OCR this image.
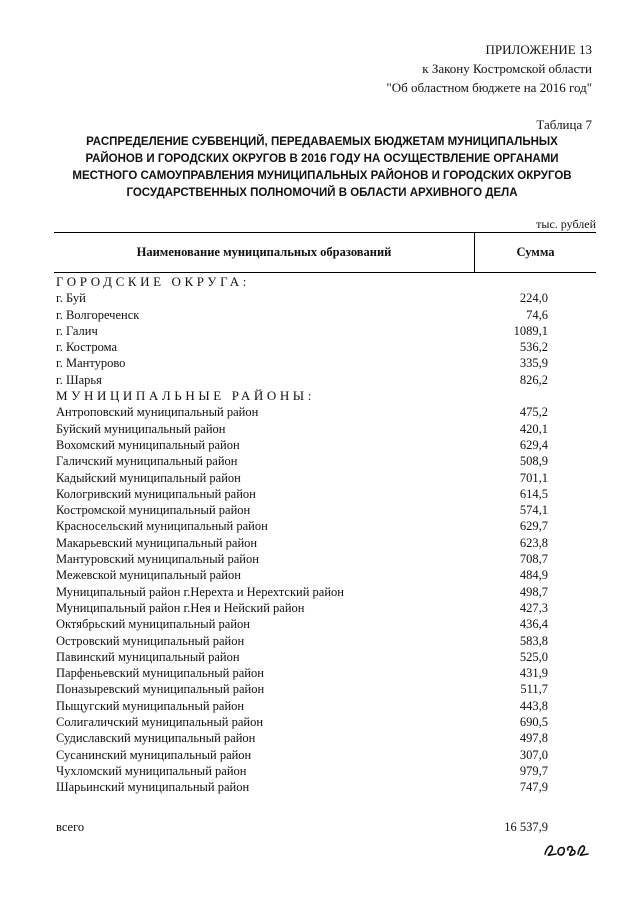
ПРИЛОЖЕНИЕ 13
к Закону Костромской области
"Об областном бюджете на 2016 год"
Таблица 7
РАСПРЕДЕЛЕНИЕ СУБВЕНЦИЙ, ПЕРЕДАВАЕМЫХ БЮДЖЕТАМ МУНИЦИПАЛЬНЫХ
РАЙОНОВ И ГОРОДСКИХ ОКРУГОВ В 2016 ГОДУ НА ОСУЩЕСТВЛЕНИЕ ОРГАНАМИ
МЕСТНОГО САМОУПРАВЛЕНИЯ МУНИЦИПАЛЬНЫХ РАЙОНОВ И ГОРОДСКИХ ОКРУГОВ
ГОСУДАРСТВЕННЫХ ПОЛНОМОЧИЙ В ОБЛАСТИ АРХИВНОГО ДЕЛА
тыс. рублей
Наименование муниципальных образований	Сумма
ГОРОДСКИЕ ОКРУГА:
г. Буй	224,0
г. Волгореченск	74,6
г. Галич	1089,1
г. Кострома	536,2
г. Мантурово	335,9
г. Шарья	826,2
МУНИЦИПАЛЬНЫЕ РАЙОНЫ:
Антроповский муниципальный район	475,2
Буйский муниципальный район	420,1
Вохомский муниципальный район	629,4
Галичский муниципальный район	508,9
Кадыйский муниципальный район	701,1
Кологривский муниципальный район	614,5
Костромской муниципальный район	574,1
Красносельский муниципальный район	629,7
Макарьевский муниципальный район	623,8
Мантуровский муниципальный район	708,7
Межевской муниципальный район	484,9
Муниципальный район г.Нерехта и Нерехтский район	498,7
Муниципальный район г.Нея и Нейский район	427,3
Октябрьский муниципальный район	436,4
Островский муниципальный район	583,8
Павинский муниципальный район	525,0
Парфеньевский муниципальный район	431,9
Поназыревский муниципальный район	511,7
Пыщугский муниципальный район	443,8
Солигаличский муниципальный район	690,5
Судиславский муниципальный район	497,8
Сусанинский муниципальный район	307,0
Чухломский муниципальный район	979,7
Шарьинский муниципальный район	747,9
всего	16 537,9
